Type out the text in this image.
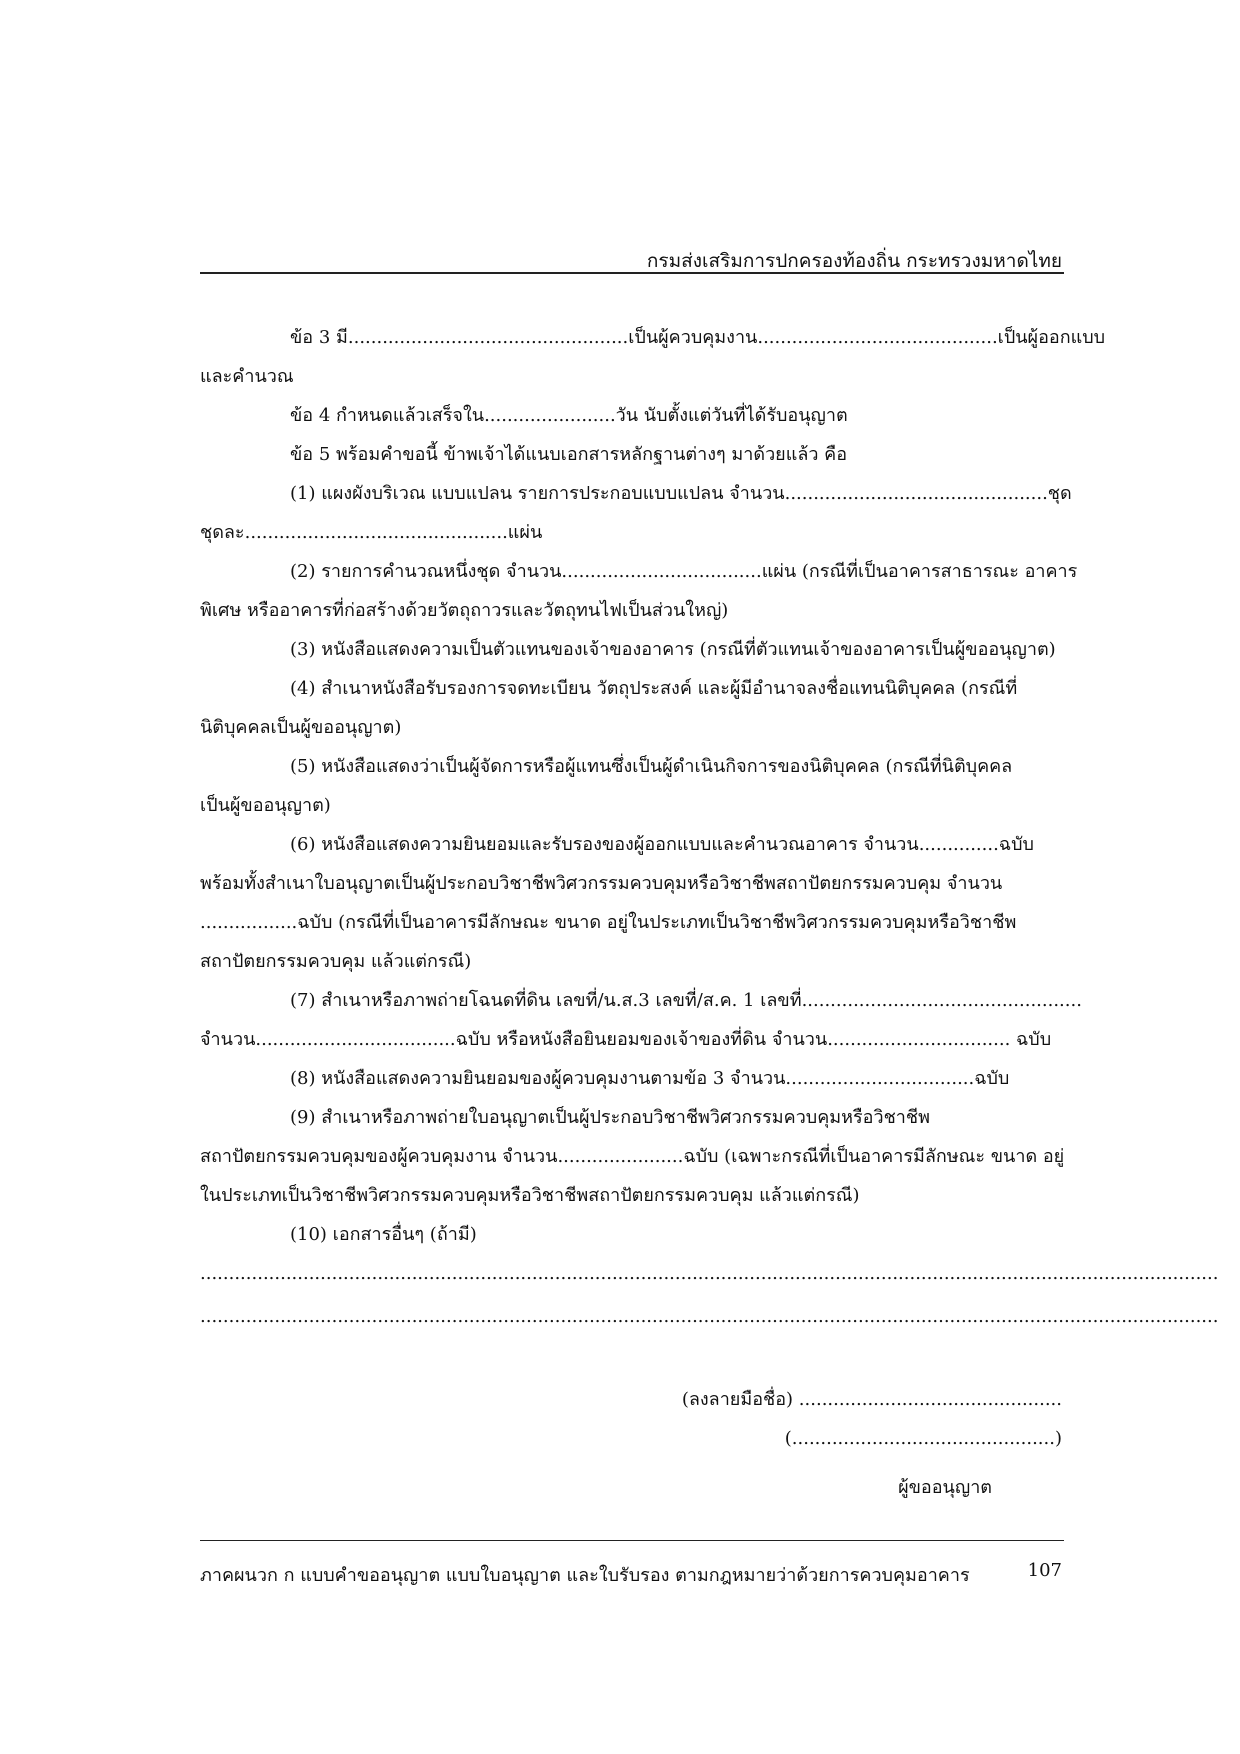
กรมส่งเสริมการปกครองท้องถิ่น กระทรวงมหาดไทย
ข้อ 3 มี.................................................เป็นผู้ควบคุมงาน..........................................เป็นผู้ออกแบบ
และคำนวณ
ข้อ 4 กำหนดแล้วเสร็จใน.......................วัน นับตั้งแต่วันที่ได้รับอนุญาต
ข้อ 5 พร้อมคำขอนี้ ข้าพเจ้าได้แนบเอกสารหลักฐานต่างๆ มาด้วยแล้ว คือ
(1) แผงผังบริเวณ แบบแปลน รายการประกอบแบบแปลน จำนวน..............................................ชุด
ชุดละ..............................................แผ่น
(2) รายการคำนวณหนึ่งชุด จำนวน...................................แผ่น (กรณีที่เป็นอาคารสาธารณะ อาคาร
พิเศษ หรืออาคารที่ก่อสร้างด้วยวัตถุถาวรและวัตถุทนไฟเป็นส่วนใหญ่)
(3) หนังสือแสดงความเป็นตัวแทนของเจ้าของอาคาร (กรณีที่ตัวแทนเจ้าของอาคารเป็นผู้ขออนุญาต)
(4) สำเนาหนังสือรับรองการจดทะเบียน วัตถุประสงค์ และผู้มีอำนาจลงชื่อแทนนิติบุคคล (กรณีที่
นิติบุคคลเป็นผู้ขออนุญาต)
(5) หนังสือแสดงว่าเป็นผู้จัดการหรือผู้แทนซึ่งเป็นผู้ดำเนินกิจการของนิติบุคคล (กรณีที่นิติบุคคล
เป็นผู้ขออนุญาต)
(6) หนังสือแสดงความยินยอมและรับรองของผู้ออกแบบและคำนวณอาคาร จำนวน..............ฉบับ
พร้อมทั้งสำเนาใบอนุญาตเป็นผู้ประกอบวิชาชีพวิศวกรรมควบคุมหรือวิชาชีพสถาปัตยกรรมควบคุม จำนวน
.................ฉบับ (กรณีที่เป็นอาคารมีลักษณะ ขนาด อยู่ในประเภทเป็นวิชาชีพวิศวกรรมควบคุมหรือวิชาชีพ
สถาปัตยกรรมควบคุม แล้วแต่กรณี)
(7) สำเนาหรือภาพถ่ายโฉนดที่ดิน เลขที่/น.ส.3 เลขที่/ส.ค. 1 เลขที่.................................................
จำนวน...................................ฉบับ หรือหนังสือยินยอมของเจ้าของที่ดิน จำนวน................................ ฉบับ
(8) หนังสือแสดงความยินยอมของผู้ควบคุมงานตามข้อ 3 จำนวน.................................ฉบับ
(9) สำเนาหรือภาพถ่ายใบอนุญาตเป็นผู้ประกอบวิชาชีพวิศวกรรมควบคุมหรือวิชาชีพ
สถาปัตยกรรมควบคุมของผู้ควบคุมงาน จำนวน......................ฉบับ (เฉพาะกรณีที่เป็นอาคารมีลักษณะ ขนาด อยู่
ในประเภทเป็นวิชาชีพวิศวกรรมควบคุมหรือวิชาชีพสถาปัตยกรรมควบคุม แล้วแต่กรณี)
(10) เอกสารอื่นๆ (ถ้ามี)
..................................................................................................................................................................................
..................................................................................................................................................................................
(ลงลายมือชื่อ) ..............................................
(..............................................)
ผู้ขออนุญาต
ภาคผนวก ก แบบคำขออนุญาต แบบใบอนุญาต และใบรับรอง ตามกฎหมายว่าด้วยการควบคุมอาคาร	107
